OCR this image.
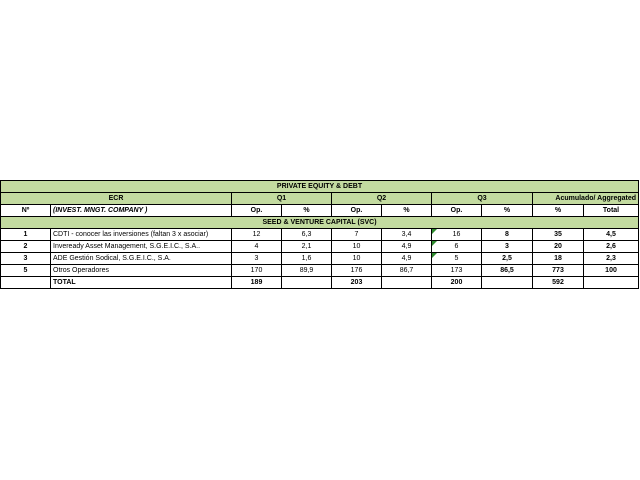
PRIVATE EQUITY & DEBT									
ECR		Q1		Q2		Q3		Acumulado/ Aggregated	
Nº	(INVEST. MNGT. COMPANY )	Op.	%	Op.	%	Op.	%	%	Total
SEED & VENTURE CAPITAL (SVC)									
1	CDTI - conocer las inversiones (faltan 3 x asociar)	12	6,3	7	3,4	16	8	35	4,5
2	Inveready Asset Management, S.G.E.I.C., S.A..	4	2,1	10	4,9	6	3	20	2,6
3	ADE Gestión Sodical, S.G.E.I.C., S.A.	3	1,6	10	4,9	5	2,5	18	2,3
5	Otros Operadores	170	89,9	176	86,7	173	86,5	773	100
	TOTAL	189		203		200		592	
